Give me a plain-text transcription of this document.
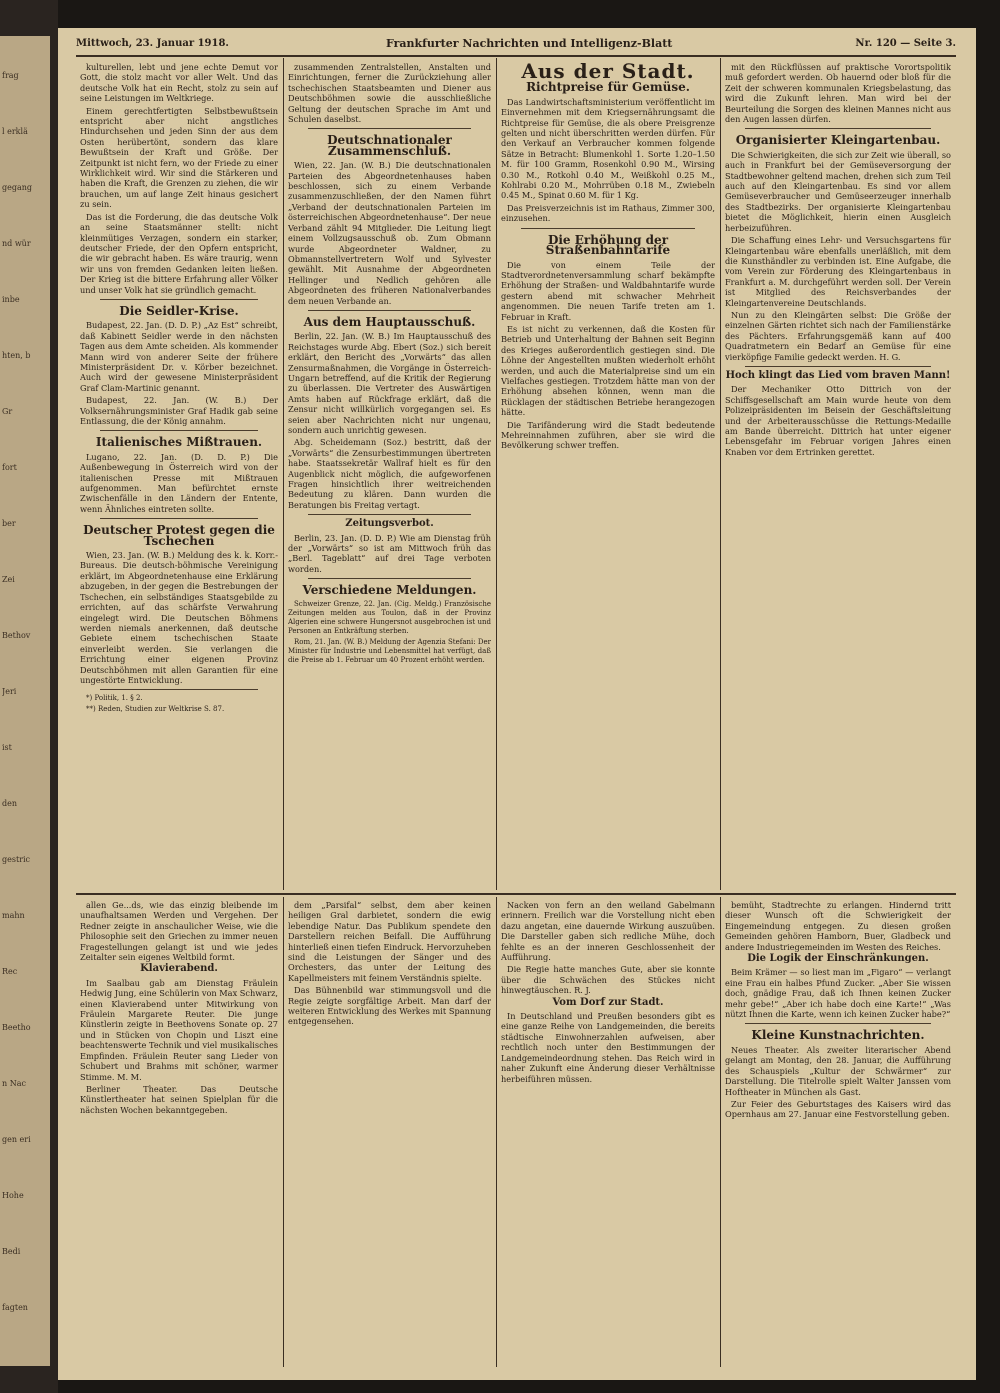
frag
l erklä
gegang
nd wür
inbe
hten, b
Gr
fort
ber
Zei
Bethov
Jeri
ist
den
gestric
mahn
Rec
Beetho
n Nac
gen eri
Hohe
Bedi
fagten
Mittwoch, 23. Januar 1918.	Frankfurter Nachrichten und Intelligenz-Blatt	Nr. 120 — Seite 3.

kulturellen, lebt und jene echte Demut vor Gott, die stolz macht vor aller Welt. Und das deutsche Volk hat ein Recht, stolz zu sein auf seine Leistungen im Weltkriege.

Einem gerechtfertigten Selbstbewußtsein entspricht aber nicht angstliches Hindurchsehen und jeden Sinn der aus dem Osten herübertönt, sondern das klare Bewußtsein der Kraft und Größe. Der Zeitpunkt ist nicht fern, wo der Friede zu einer Wirklichkeit wird. Wir sind die Stärkeren und haben die Kraft, die Grenzen zu ziehen, die wir brauchen, um auf lange Zeit hinaus gesichert zu sein.

Das ist die Forderung, die das deutsche Volk an seine Staatsmänner stellt: nicht kleinmütiges Verzagen, sondern ein starker, deutscher Friede, der den Opfern entspricht, die wir gebracht haben. Es wäre traurig, wenn wir uns von fremden Gedanken leiten ließen. Der Krieg ist die bittere Erfahrung aller Völker und unser Volk hat sie gründlich gemacht.

Die Seidler-Krise.

Budapest, 22. Jan. (D. D. P.) „Az Est“ schreibt, daß Kabinett Seidler werde in den nächsten Tagen aus dem Amte scheiden. Als kommender Mann wird von anderer Seite der frühere Ministerpräsident Dr. v. Körber bezeichnet. Auch wird der gewesene Ministerpräsident Graf Clam-Martinic genannt.

Budapest, 22. Jan. (W. B.) Der Volksernährungsminister Graf Hadik gab seine Entlassung, die der König annahm.

Italienisches Mißtrauen.

Lugano, 22. Jan. (D. D. P.) Die Außenbewegung in Österreich wird von der italienischen Presse mit Mißtrauen aufgenommen. Man befürchtet ernste Zwischenfälle in den Ländern der Entente, wenn Ähnliches eintreten sollte.

Deutscher Protest gegen die Tschechen

Wien, 23. Jan. (W. B.) Meldung des k. k. Korr.-Bureaus. Die deutsch-böhmische Vereinigung erklärt, im Abgeordnetenhause eine Erklärung abzugeben, in der gegen die Bestrebungen der Tschechen, ein selbständiges Staatsgebilde zu errichten, auf das schärfste Verwahrung eingelegt wird. Die Deutschen Böhmens werden niemals anerkennen, daß deutsche Gebiete einem tschechischen Staate einverleibt werden. Sie verlangen die Errichtung einer eigenen Provinz Deutschböhmen mit allen Garantien für eine ungestörte Entwicklung.

*) Politik, 1. § 2.

**) Reden, Studien zur Weltkrise S. 87.

zusammenden Zentralstellen, Anstalten und Einrichtungen, ferner die Zurückziehung aller tschechischen Staatsbeamten und Diener aus Deutschböhmen sowie die ausschließliche Geltung der deutschen Sprache im Amt und Schulen daselbst.

Deutschnationaler Zusammenschluß.

Wien, 22. Jan. (W. B.) Die deutschnationalen Parteien des Abgeordnetenhauses haben beschlossen, sich zu einem Verbande zusammenzuschließen, der den Namen führt „Verband der deutschnationalen Parteien im österreichischen Abgeordnetenhause“. Der neue Verband zählt 94 Mitglieder. Die Leitung liegt einem Vollzugsausschuß ob. Zum Obmann wurde Abgeordneter Waldner, zu Obmannstellvertretern Wolf und Sylvester gewählt. Mit Ausnahme der Abgeordneten Hellinger und Nedlich gehören alle Abgeordneten des früheren Nationalverbandes dem neuen Verbande an.

Aus dem Hauptausschuß.

Berlin, 22. Jan. (W. B.) Im Hauptausschuß des Reichstages wurde Abg. Ebert (Soz.) sich bereit erklärt, den Bericht des „Vorwärts“ das allen Zensurmaßnahmen, die Vorgänge in Österreich-Ungarn betreffend, auf die Kritik der Regierung zu überlassen. Die Vertreter des Auswärtigen Amts haben auf Rückfrage erklärt, daß die Zensur nicht willkürlich vorgegangen sei. Es seien aber Nachrichten nicht nur ungenau, sondern auch unrichtig gewesen.

Abg. Scheidemann (Soz.) bestritt, daß der „Vorwärts“ die Zensurbestimmungen übertreten habe. Staatssekretär Wallraf hielt es für den Augenblick nicht möglich, die aufgeworfenen Fragen hinsichtlich ihrer weitreichenden Bedeutung zu klären. Dann wurden die Beratungen bis Freitag vertagt.

Zeitungsverbot.

Berlin, 23. Jan. (D. D. P.) Wie am Dienstag früh der „Vorwärts“ so ist am Mittwoch früh das „Berl. Tageblatt“ auf drei Tage verboten worden.

Verschiedene Meldungen.

Schweizer Grenze, 22. Jan. (Cig. Meldg.) Französische Zeitungen melden aus Toulon, daß in der Provinz Algerien eine schwere Hungersnot ausgebrochen ist und Personen an Entkräftung sterben.

Rom, 21. Jan. (W. B.) Meldung der Agenzia Stefani: Der Minister für Industrie und Lebensmittel hat verfügt, daß die Preise ab 1. Februar um 40 Prozent erhöht werden.

Aus der Stadt.
Richtpreise für Gemüse.

Das Landwirtschaftsministerium veröffentlicht im Einvernehmen mit dem Kriegsernährungsamt die Richtpreise für Gemüse, die als obere Preisgrenze gelten und nicht überschritten werden dürfen. Für den Verkauf an Verbraucher kommen folgende Sätze in Betracht: Blumenkohl 1. Sorte 1.20–1.50 M. für 100 Gramm, Rosenkohl 0.90 M., Wirsing 0.30 M., Rotkohl 0.40 M., Weißkohl 0.25 M., Kohlrabi 0.20 M., Mohrrüben 0.18 M., Zwiebeln 0.45 M., Spinat 0.60 M. für 1 Kg.

Das Preisverzeichnis ist im Rathaus, Zimmer 300, einzusehen.

Die Erhöhung der Straßenbahntarife

Die von einem Teile der Stadtverordnetenversammlung scharf bekämpfte Erhöhung der Straßen- und Waldbahntarife wurde gestern abend mit schwacher Mehrheit angenommen. Die neuen Tarife treten am 1. Februar in Kraft.

Es ist nicht zu verkennen, daß die Kosten für Betrieb und Unterhaltung der Bahnen seit Beginn des Krieges außerordentlich gestiegen sind. Die Löhne der Angestellten mußten wiederholt erhöht werden, und auch die Materialpreise sind um ein Vielfaches gestiegen. Trotzdem hätte man von der Erhöhung absehen können, wenn man die Rücklagen der städtischen Betriebe herangezogen hätte.

Die Tarifänderung wird die Stadt bedeutende Mehreinnahmen zuführen, aber sie wird die Bevölkerung schwer treffen.

mit den Rückflüssen auf praktische Vorortspolitik muß gefordert werden. Ob hauernd oder bloß für die Zeit der schweren kommunalen Kriegsbelastung, das wird die Zukunft lehren. Man wird bei der Beurteilung die Sorgen des kleinen Mannes nicht aus den Augen lassen dürfen.

Organisierter Kleingartenbau.

Die Schwierigkeiten, die sich zur Zeit wie überall, so auch in Frankfurt bei der Gemüseversorgung der Stadtbewohner geltend machen, drehen sich zum Teil auch auf den Kleingartenbau. Es sind vor allem Gemüseverbraucher und Gemüseerzeuger innerhalb des Stadtbezirks. Der organisierte Kleingartenbau bietet die Möglichkeit, hierin einen Ausgleich herbeizuführen.

Die Schaffung eines Lehr- und Versuchsgartens für Kleingartenbau wäre ebenfalls unerläßlich, mit dem die Kunsthändler zu verbinden ist. Eine Aufgabe, die vom Verein zur Förderung des Kleingartenbaus in Frankfurt a. M. durchgeführt werden soll. Der Verein ist Mitglied des Reichsverbandes der Kleingartenvereine Deutschlands.

Nun zu den Kleingärten selbst: Die Größe der einzelnen Gärten richtet sich nach der Familienstärke des Pächters. Erfahrungsgemäß kann auf 400 Quadratmetern ein Bedarf an Gemüse für eine vierköpfige Familie gedeckt werden. H. G.

Hoch klingt das Lied vom braven Mann!

Der Mechaniker Otto Dittrich von der Schiffsgesellschaft am Main wurde heute von dem Polizeipräsidenten im Beisein der Geschäftsleitung und der Arbeiterausschüsse die Rettungs-Medaille am Bande überreicht. Dittrich hat unter eigener Lebensgefahr im Februar vorigen Jahres einen Knaben vor dem Ertrinken gerettet.

allen Ge...ds, wie das einzig bleibende im unaufhaltsamen Werden und Vergehen. Der Redner zeigte in anschaulicher Weise, wie die Philosophie seit den Griechen zu immer neuen Fragestellungen gelangt ist und wie jedes Zeitalter sein eigenes Weltbild formt.

Klavierabend.

Im Saalbau gab am Dienstag Fräulein Hedwig Jung, eine Schülerin von Max Schwarz, einen Klavierabend unter Mitwirkung von Fräulein Margarete Reuter. Die junge Künstlerin zeigte in Beethovens Sonate op. 27 und in Stücken von Chopin und Liszt eine beachtenswerte Technik und viel musikalisches Empfinden. Fräulein Reuter sang Lieder von Schubert und Brahms mit schöner, warmer Stimme. M. M.

Berliner Theater. Das Deutsche Künstlertheater hat seinen Spielplan für die nächsten Wochen bekanntgegeben.

dem „Parsifal“ selbst, dem aber keinen heiligen Gral darbietet, sondern die ewig lebendige Natur. Das Publikum spendete den Darstellern reichen Beifall. Die Aufführung hinterließ einen tiefen Eindruck. Hervorzuheben sind die Leistungen der Sänger und des Orchesters, das unter der Leitung des Kapellmeisters mit feinem Verständnis spielte.

Das Bühnenbild war stimmungsvoll und die Regie zeigte sorgfältige Arbeit. Man darf der weiteren Entwicklung des Werkes mit Spannung entgegensehen.

Nacken von fern an den weiland Gabelmann erinnern. Freilich war die Vorstellung nicht eben dazu angetan, eine dauernde Wirkung auszuüben. Die Darsteller gaben sich redliche Mühe, doch fehlte es an der inneren Geschlossenheit der Aufführung.

Die Regie hatte manches Gute, aber sie konnte über die Schwächen des Stückes nicht hinwegtäuschen. R. J.

Vom Dorf zur Stadt.

In Deutschland und Preußen besonders gibt es eine ganze Reihe von Landgemeinden, die bereits städtische Einwohnerzahlen aufweisen, aber rechtlich noch unter den Bestimmungen der Landgemeindeordnung stehen. Das Reich wird in naher Zukunft eine Änderung dieser Verhältnisse herbeiführen müssen.

bemüht, Stadtrechte zu erlangen. Hindernd tritt dieser Wunsch oft die Schwierigkeit der Eingemeindung entgegen. Zu diesen großen Gemeinden gehören Hamborn, Buer, Gladbeck und andere Industriegemeinden im Westen des Reiches.

Die Logik der Einschränkungen.

Beim Krämer — so liest man im „Figaro“ — verlangt eine Frau ein halbes Pfund Zucker. „Aber Sie wissen doch, gnädige Frau, daß ich Ihnen keinen Zucker mehr gebe!“ „Aber ich habe doch eine Karte!“ „Was nützt Ihnen die Karte, wenn ich keinen Zucker habe?“

Kleine Kunstnachrichten.

Neues Theater. Als zweiter literarischer Abend gelangt am Montag, den 28. Januar, die Aufführung des Schauspiels „Kultur der Schwärmer“ zur Darstellung. Die Titelrolle spielt Walter Janssen vom Hoftheater in München als Gast.

Zur Feier des Geburtstages des Kaisers wird das Opernhaus am 27. Januar eine Festvorstellung geben.
